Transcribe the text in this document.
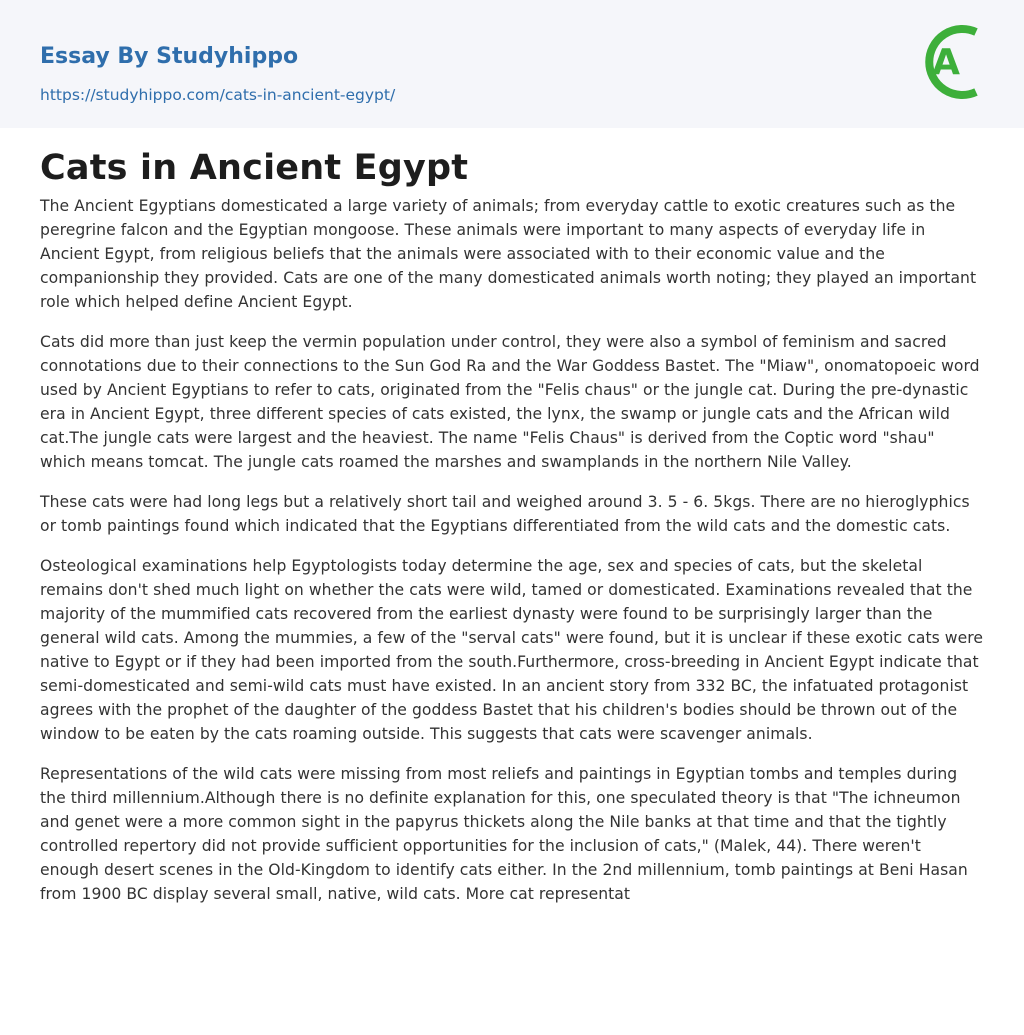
Essay By Studyhippo
https://studyhippo.com/cats-in-ancient-egypt/
A
Cats in Ancient Egypt

The Ancient Egyptians domesticated a large variety of animals; from everyday cattle to exotic creatures such as the peregrine falcon and the Egyptian mongoose. These animals were important to many aspects of everyday life in Ancient Egypt, from religious beliefs that the animals were associated with to their economic value and the companionship they provided. Cats are one of the many domesticated animals worth noting; they played an important role which helped define Ancient Egypt.

Cats did more than just keep the vermin population under control, they were also a symbol of feminism and sacred connotations due to their connections to the Sun God Ra and the War Goddess Bastet. The "Miaw", onomatopoeic word used by Ancient Egyptians to refer to cats, originated from the "Felis chaus" or the jungle cat. During the pre-dynastic era in Ancient Egypt, three different species of cats existed, the lynx, the swamp or jungle cats and the African wild cat.The jungle cats were largest and the heaviest. The name "Felis Chaus" is derived from the Coptic word "shau" which means tomcat. The jungle cats roamed the marshes and swamplands in the northern Nile Valley.

These cats were had long legs but a relatively short tail and weighed around 3. 5 - 6. 5kgs. There are no hieroglyphics or tomb paintings found which indicated that the Egyptians differentiated from the wild cats and the domestic cats.

Osteological examinations help Egyptologists today determine the age, sex and species of cats, but the skeletal remains don't shed much light on whether the cats were wild, tamed or domesticated. Examinations revealed that the majority of the mummified cats recovered from the earliest dynasty were found to be surprisingly larger than the general wild cats. Among the mummies, a few of the "serval cats" were found, but it is unclear if these exotic cats were native to Egypt or if they had been imported from the south.Furthermore, cross-breeding in Ancient Egypt indicate that semi-domesticated and semi-wild cats must have existed. In an ancient story from 332 BC, the infatuated protagonist agrees with the prophet of the daughter of the goddess Bastet that his children's bodies should be thrown out of the window to be eaten by the cats roaming outside. This suggests that cats were scavenger animals.

Representations of the wild cats were missing from most reliefs and paintings in Egyptian tombs and temples during the third millennium.Although there is no definite explanation for this, one speculated theory is that "The ichneumon and genet were a more common sight in the papyrus thickets along the Nile banks at that time and that the tightly controlled repertory did not provide sufficient opportunities for the inclusion of cats," (Malek, 44). There weren't enough desert scenes in the Old-Kingdom to identify cats either. In the 2nd millennium, tomb paintings at Beni Hasan from 1900 BC display several small, native, wild cats. More cat representat
